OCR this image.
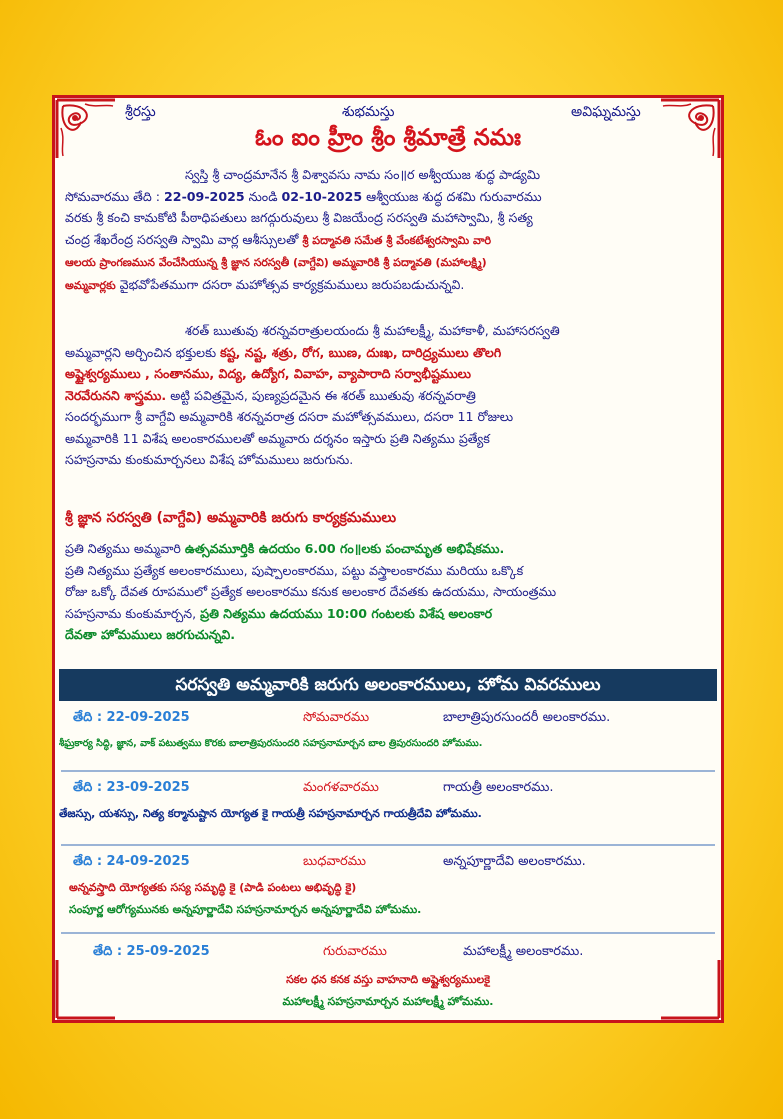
శ్రీరస్తు	శుభమస్తు	అవిఘ్నమస్తు
ఓం ఐం హ్రీం శ్రీం శ్రీమాత్రే నమః
స్వస్తి శ్రీ చాంద్రమానేన శ్రీ విశ్వావసు నామ సం॥ర అశ్వీయుజ శుద్ధ పాడ్యమి
సోమవారము తేది : 22-09-2025 నుండి 02-10-2025 ఆశ్వీయుజ శుద్ధ దశమి గురువారము
వరకు శ్రీ కంచి కామకోటి పీఠాధిపతులు జగద్గురువులు శ్రీ విజయేంద్ర సరస్వతి మహాస్వామి, శ్రీ సత్య
చంద్ర శేఖరేంద్ర సరస్వతి స్వామి వార్ల ఆశీస్సులతో శ్రీ పద్మావతి సమేత శ్రీ వేంకటేశ్వరస్వామి వారి
ఆలయ ప్రాంగణమున వేంచేసియున్న శ్రీ జ్ఞాన సరస్వతీ (వాగ్దేవి) అమ్మవారికి శ్రీ పద్మావతి (మహాలక్ష్మి)
అమ్మవార్లకు వైభవోపేతముగా దసరా మహోత్సవ కార్యక్రమములు జరుపబడుచున్నవి.
శరత్ ఋతువు శరన్నవరాత్రులయందు శ్రీ మహాలక్ష్మీ, మహాకాళీ, మహాసరస్వతి
అమ్మవార్లని అర్చించిన భక్తులకు కష్ట, నష్ట, శత్రు, రోగ, ఋణ, దుఃఖ, దారిద్ర్యములు తొలగి
అష్టైశ్వర్యములు , సంతానము, విద్య, ఉద్యోగ, వివాహ, వ్యాపారాది సర్వాభీష్టములు
నెరవేరునని శాస్త్రము. అట్టి పవిత్రమైన, పుణ్యప్రదమైన ఈ శరత్ ఋతువు శరన్నవరాత్రి
సందర్భముగా శ్రీ వాగ్దేవి అమ్మవారికి శరన్నవరాత్ర దసరా మహోత్సవములు, దసరా 11 రోజులు
అమ్మవారికి 11 విశేష అలంకారములతో అమ్మవారు దర్శనం ఇస్తారు ప్రతి నిత్యము ప్రత్యేక
సహస్రనామ కుంకుమార్చనలు విశేష హోమములు జరుగును.
శ్రీ జ్ఞాన సరస్వతి (వాగ్దేవి) అమ్మవారికి జరుగు కార్యక్రమములు
ప్రతి నిత్యము అమ్మవారి ఉత్సవమూర్తికి ఉదయం 6.00 గం॥లకు పంచామృత అభిషేకము.
ప్రతి నిత్యము ప్రత్యేక అలంకారములు, పుష్పాలంకారము, పట్టు వస్త్రాలంకారము మరియు ఒక్కొక
రోజు ఒక్కో దేవత రూపములో ప్రత్యేక అలంకారము కనుక అలంకార దేవతకు ఉదయము, సాయంత్రము
సహస్రనామ కుంకుమార్చన, ప్రతి నిత్యము ఉదయము 10:00 గంటలకు విశేష అలంకార
దేవతా హోమములు జరగుచున్నవి.
సరస్వతి అమ్మవారికి జరుగు అలంకారములు, హోమ వివరములు
తేది : 22-09-2025	సోమవారము	బాలాత్రిపురసుందరీ అలంకారము.
శీఘ్రకార్య సిద్ధి, జ్ఞాన, వాక్ పటుత్వము కొరకు బాలాత్రిపురసుందరి సహస్రనామార్చన బాల త్రిపురసుందరి హోమము.
తేది : 23-09-2025	మంగళవారము	గాయత్రీ అలంకారము.
తేజస్సు, యశస్సు, నిత్య కర్మానుష్టాన యోగ్యత కై గాయత్రీ సహస్రనామార్చన గాయత్రీదేవి హోమము.
తేది : 24-09-2025	బుధవారము	అన్నపూర్ణాదేవి అలంకారము.
అన్నవస్త్రాది యోగ్యతకు సస్య సమృద్ధి కై (పాడి పంటలు అభివృద్ధి కై)
సంపూర్ణ ఆరోగ్యమునకు అన్నపూర్ణాదేవి సహస్రనామార్చన అన్నపూర్ణాదేవి హోమము.
తేది : 25-09-2025	గురువారము	మహాలక్ష్మీ అలంకారము.
సకల ధన కనక వస్తు వాహనాది అష్టైశ్వర్యములకై
మహాలక్ష్మీ సహస్రనామార్చన మహాలక్ష్మీ హోమము.
